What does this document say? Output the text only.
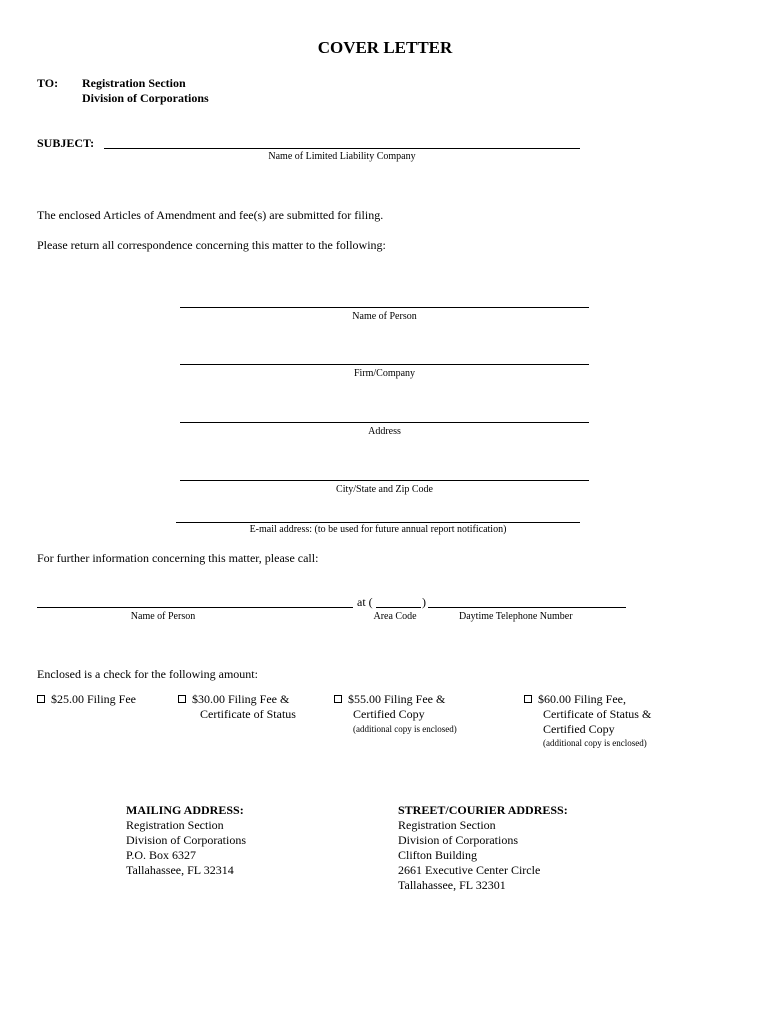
COVER LETTER
TO: Registration Section
Division of Corporations
SUBJECT:
Name of Limited Liability Company
The enclosed Articles of Amendment and fee(s) are submitted for filing.
Please return all correspondence concerning this matter to the following:
Name of Person
Firm/Company
Address
City/State and Zip Code
E-mail address: (to be used for future annual report notification)
For further information concerning this matter, please call:
at (	)
Name of Person	Area Code	Daytime Telephone Number
Enclosed is a check for the following amount:
$25.00 Filing Fee	$30.00 Filing Fee &
Certificate of Status
$55.00 Filing Fee &
Certified Copy
(additional copy is enclosed)
$60.00 Filing Fee,
Certificate of Status &
Certified Copy
(additional copy is enclosed)
MAILING ADDRESS:
Registration Section
Division of Corporations
P.O. Box 6327
Tallahassee, FL 32314
STREET/COURIER ADDRESS:
Registration Section
Division of Corporations
Clifton Building
2661 Executive Center Circle
Tallahassee, FL 32301
